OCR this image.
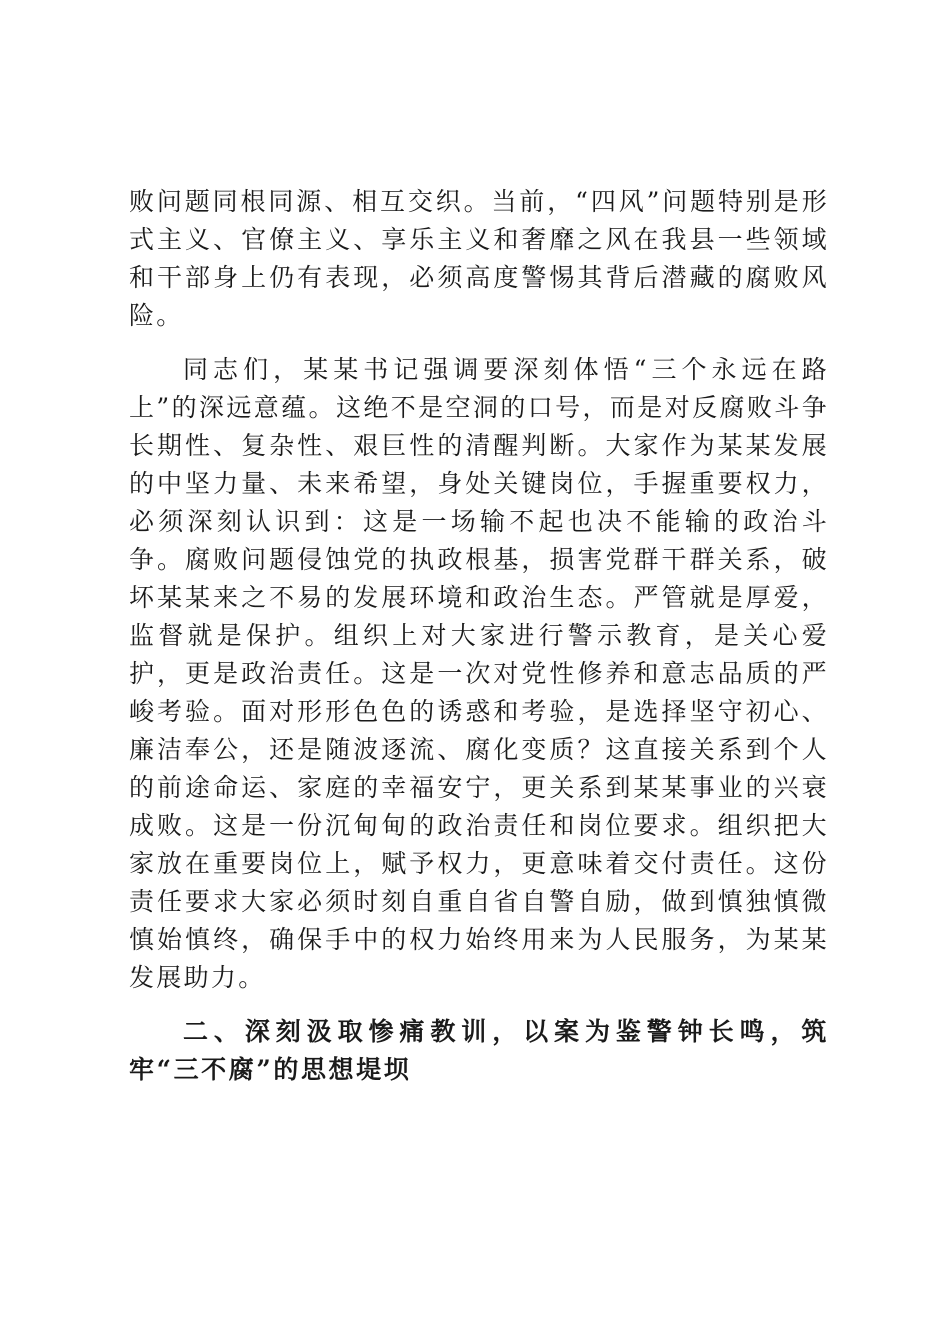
败问题同根同源、相互交织。当前，“四风”问题特别是形式主义、官僚主义、享乐主义和奢靡之风在我县一些领域和干部身上仍有表现，必须高度警惕其背后潜藏的腐败风险。

同志们，某某书记强调要深刻体悟“三个永远在路上”的深远意蕴。这绝不是空洞的口号，而是对反腐败斗争长期性、复杂性、艰巨性的清醒判断。大家作为某某发展的中坚力量、未来希望，身处关键岗位，手握重要权力，必须深刻认识到：这是一场输不起也决不能输的政治斗争。腐败问题侵蚀党的执政根基，损害党群干群关系，破坏某某来之不易的发展环境和政治生态。严管就是厚爱，监督就是保护。组织上对大家进行警示教育，是关心爱护，更是政治责任。这是一次对党性修养和意志品质的严峻考验。面对形形色色的诱惑和考验，是选择坚守初心、廉洁奉公，还是随波逐流、腐化变质？这直接关系到个人的前途命运、家庭的幸福安宁，更关系到某某事业的兴衰成败。这是一份沉甸甸的政治责任和岗位要求。组织把大家放在重要岗位上，赋予权力，更意味着交付责任。这份责任要求大家必须时刻自重自省自警自励，做到慎独慎微慎始慎终，确保手中的权力始终用来为人民服务，为某某发展助力。

二、深刻汲取惨痛教训，以案为鉴警钟长鸣，筑牢“三不腐”的思想堤坝
